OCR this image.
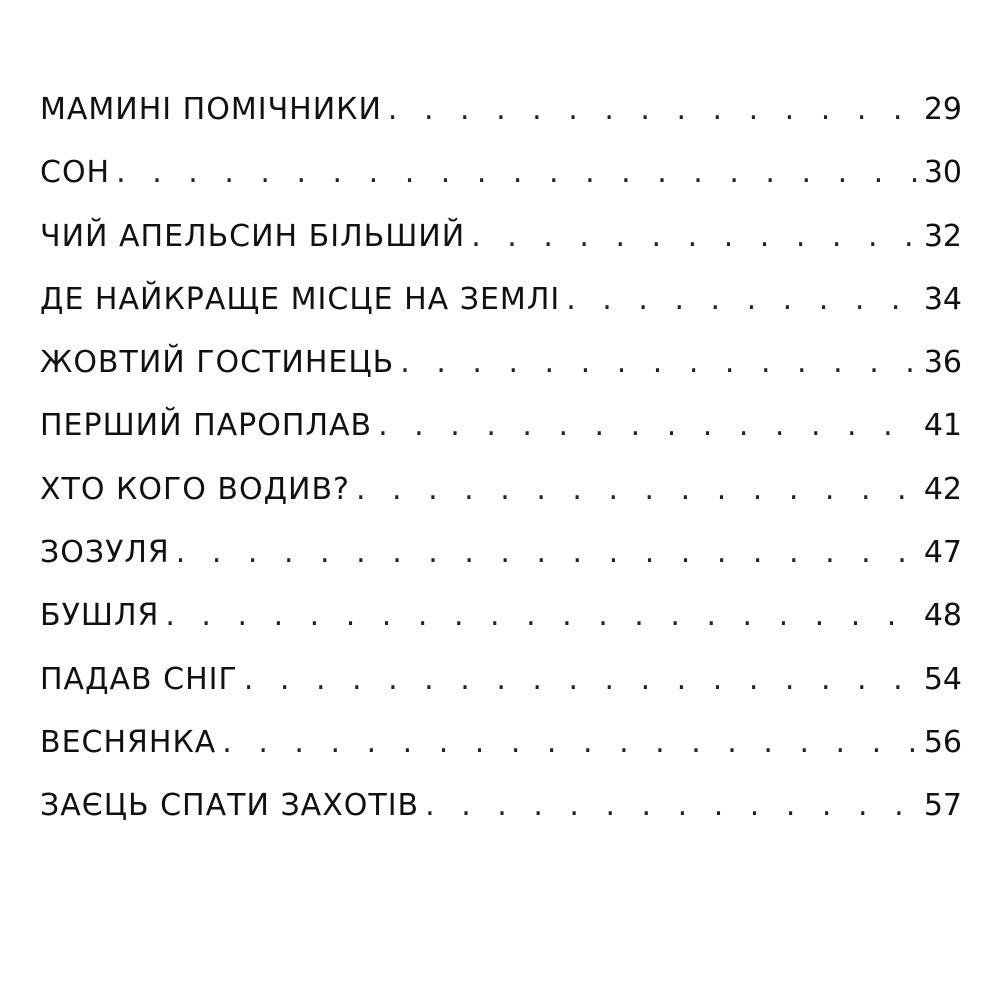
МАМИНІ ПОМІЧНИКИ . . .	29
СОН . . .	30
ЧИЙ АПЕЛЬСИН БІЛЬШИЙ . . .	32
ДЕ НАЙКРАЩЕ МІСЦЕ НА ЗЕМЛІ . . .	34
ЖОВТИЙ ГОСТИНЕЦЬ . . .	36
ПЕРШИЙ ПАРОПЛАВ . . .	41
ХТО КОГО ВОДИВ? . . .	42
ЗОЗУЛЯ . . .	47
БУШЛЯ . . .	48
ПАДАВ СНІГ . . .	54
ВЕСНЯНКА . . .	56
ЗАЄЦЬ СПАТИ ЗАХОТІВ . . .	57
